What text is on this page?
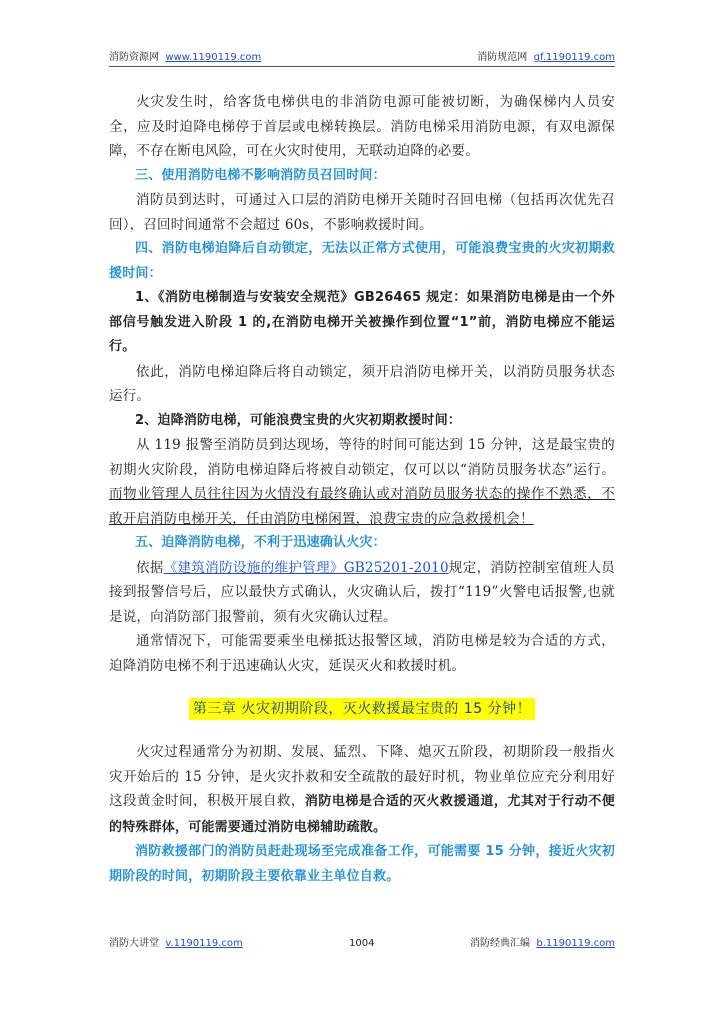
消防资源网 www.1190119.com	消防规范网 gf.1190119.com

火灾发生时，给客货电梯供电的非消防电源可能被切断，为确保梯内人员安全，应及时迫降电梯停于首层或电梯转换层。消防电梯采用消防电源，有双电源保障，不存在断电风险，可在火灾时使用，无联动迫降的必要。

三、使用消防电梯不影响消防员召回时间：

消防员到达时，可通过入口层的消防电梯开关随时召回电梯（包括再次优先召回），召回时间通常不会超过 60s，不影响救援时间。

四、消防电梯迫降后自动锁定，无法以正常方式使用，可能浪费宝贵的火灾初期救援时间：

1、《消防电梯制造与安装安全规范》GB26465 规定：如果消防电梯是由一个外部信号触发进入阶段 1 的,在消防电梯开关被操作到位置“1”前，消防电梯应不能运行。

依此，消防电梯迫降后将自动锁定，须开启消防电梯开关，以消防员服务状态运行。

2、迫降消防电梯，可能浪费宝贵的火灾初期救援时间：

从 119 报警至消防员到达现场，等待的时间可能达到 15 分钟，这是最宝贵的初期火灾阶段，消防电梯迫降后将被自动锁定，仅可以以“消防员服务状态”运行。而物业管理人员往往因为火情没有最终确认或对消防员服务状态的操作不熟悉，不敢开启消防电梯开关，任由消防电梯闲置，浪费宝贵的应急救援机会！

五、迫降消防电梯，不利于迅速确认火灾：

依据《建筑消防设施的维护管理》GB25201-2010规定，消防控制室值班人员接到报警信号后，应以最快方式确认，火灾确认后，拨打“119”火警电话报警,也就是说，向消防部门报警前，须有火灾确认过程。

通常情况下，可能需要乘坐电梯抵达报警区域，消防电梯是较为合适的方式，迫降消防电梯不利于迅速确认火灾，延误灭火和救援时机。

第三章 火灾初期阶段，灭火救援最宝贵的 15 分钟！

火灾过程通常分为初期、发展、猛烈、下降、熄灭五阶段，初期阶段一般指火灾开始后的 15 分钟，是火灾扑救和安全疏散的最好时机，物业单位应充分利用好这段黄金时间，积极开展自救，消防电梯是合适的灭火救援通道，尤其对于行动不便的特殊群体，可能需要通过消防电梯辅助疏散。

消防救援部门的消防员赶赴现场至完成准备工作，可能需要 15 分钟，接近火灾初期阶段的时间，初期阶段主要依靠业主单位自救。

消防大讲堂 v.1190119.com	1004	消防经典汇编 b.1190119.com
